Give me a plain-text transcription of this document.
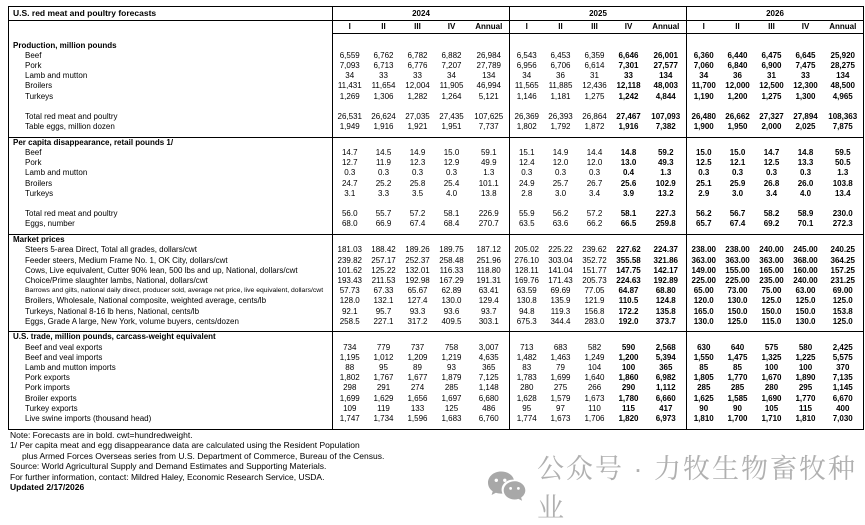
U.S. red meat and poultry forecasts	2024					2025					2026				
	I	II	III	IV	Annual	I	II	III	IV	Annual	I	II	III	IV	Annual

Production, million pounds															
Beef	6,559	6,762	6,782	6,882	26,984	6,543	6,453	6,359	6,646	26,001	6,360	6,440	6,475	6,645	25,920
Pork	7,093	6,713	6,776	7,207	27,789	6,956	6,706	6,614	7,301	27,577	7,060	6,840	6,900	7,475	28,275
Lamb and mutton	34	33	33	34	134	34	36	31	33	134	34	36	31	33	134
Broilers	11,431	11,654	12,004	11,905	46,994	11,565	11,885	12,436	12,118	48,003	11,700	12,000	12,500	12,300	48,500
Turkeys	1,269	1,306	1,282	1,264	5,121	1,146	1,181	1,275	1,242	4,844	1,190	1,200	1,275	1,300	4,965

Total red meat and poultry	26,531	26,624	27,035	27,435	107,625	26,369	26,393	26,864	27,467	107,093	26,480	26,662	27,327	27,894	108,363
Table eggs, million dozen	1,949	1,916	1,921	1,951	7,737	1,802	1,792	1,872	1,916	7,382	1,900	1,950	2,000	2,025	7,875

Per capita disappearance, retail pounds 1/															
Beef	14.7	14.5	14.9	15.0	59.1	15.1	14.9	14.4	14.8	59.2	15.0	15.0	14.7	14.8	59.5
Pork	12.7	11.9	12.3	12.9	49.9	12.4	12.0	12.0	13.0	49.3	12.5	12.1	12.5	13.3	50.5
Lamb and mutton	0.3	0.3	0.3	0.3	1.3	0.3	0.3	0.3	0.4	1.3	0.3	0.3	0.3	0.3	1.3
Broilers	24.7	25.2	25.8	25.4	101.1	24.9	25.7	26.7	25.6	102.9	25.1	25.9	26.8	26.0	103.8
Turkeys	3.1	3.3	3.5	4.0	13.8	2.8	3.0	3.4	3.9	13.2	2.9	3.0	3.4	4.0	13.4

Total red meat and poultry	56.0	55.7	57.2	58.1	226.9	55.9	56.2	57.2	58.1	227.3	56.2	56.7	58.2	58.9	230.0
Eggs, number	68.0	66.9	67.4	68.4	270.7	63.5	63.6	66.2	66.5	259.8	65.7	67.4	69.2	70.1	272.3

Market prices															
Steers 5-area Direct, Total all grades, dollars/cwt	181.03	188.42	189.26	189.75	187.12	205.02	225.22	239.62	227.62	224.37	238.00	238.00	240.00	245.00	240.25
Feeder steers, Medium Frame No. 1, OK City, dollars/cwt	239.82	257.17	252.37	258.48	251.96	276.10	303.04	352.72	355.58	321.86	363.00	363.00	363.00	368.00	364.25
Cows, Live equivalent, Cutter 90% lean, 500 lbs and up, National, dollars/cwt	101.62	125.22	132.01	116.33	118.80	128.11	141.04	151.77	147.75	142.17	149.00	155.00	165.00	160.00	157.25
Choice/Prime slaughter lambs, National, dollars/cwt	193.43	211.53	192.98	167.29	191.31	169.76	171.43	205.73	224.63	192.89	225.00	225.00	235.00	240.00	231.25
Barrows and gilts, national daily direct, producer sold, average net price, live equivalent, dollars/cwt	57.73	67.33	65.67	62.89	63.41	63.59	69.69	77.05	64.87	68.80	65.00	73.00	75.00	63.00	69.00
Broilers, Wholesale, National composite, weighted average, cents/lb	128.0	132.1	127.4	130.0	129.4	130.8	135.9	121.9	110.5	124.8	120.0	130.0	125.0	125.0	125.0
Turkeys, National 8-16 lb hens, National, cents/lb	92.1	95.7	93.3	93.6	93.7	94.8	119.3	156.8	172.2	135.8	165.0	150.0	150.0	150.0	153.8
Eggs, Grade A large, New York, volume buyers, cents/dozen	258.5	227.1	317.2	409.5	303.1	675.3	344.4	283.0	192.0	373.7	130.0	125.0	115.0	130.0	125.0

U.S. trade, million pounds, carcass-weight equivalent															
Beef and veal exports	734	779	737	758	3,007	713	683	582	590	2,568	630	640	575	580	2,425
Beef and veal imports	1,195	1,012	1,209	1,219	4,635	1,482	1,463	1,249	1,200	5,394	1,550	1,475	1,325	1,225	5,575
Lamb and mutton imports	88	95	89	93	365	83	79	104	100	365	85	85	100	100	370
Pork exports	1,802	1,767	1,677	1,879	7,125	1,783	1,699	1,640	1,860	6,982	1,805	1,770	1,670	1,890	7,135
Pork imports	298	291	274	285	1,148	280	275	266	290	1,112	285	285	280	295	1,145
Broiler exports	1,699	1,629	1,656	1,697	6,680	1,628	1,579	1,673	1,780	6,660	1,625	1,585	1,690	1,770	6,670
Turkey exports	109	119	133	125	486	95	97	110	115	417	90	90	105	115	400
Live swine imports (thousand head)	1,747	1,734	1,596	1,683	6,760	1,774	1,673	1,706	1,820	6,973	1,810	1,700	1,710	1,810	7,030

Note: Forecasts are in bold. cwt=hundredweight.
1/ Per capita meat and egg disappearance data are calculated using the Resident Population
plus Armed Forces Overseas series from U.S. Department of Commerce, Bureau of the Census.
Source: World Agricultural Supply and Demand Estimates and Supporting Materials.
For further information, contact: Mildred Haley, Economic Research Service, USDA.
Updated 2/17/2026
公众号 · 力牧生物畜牧种业
